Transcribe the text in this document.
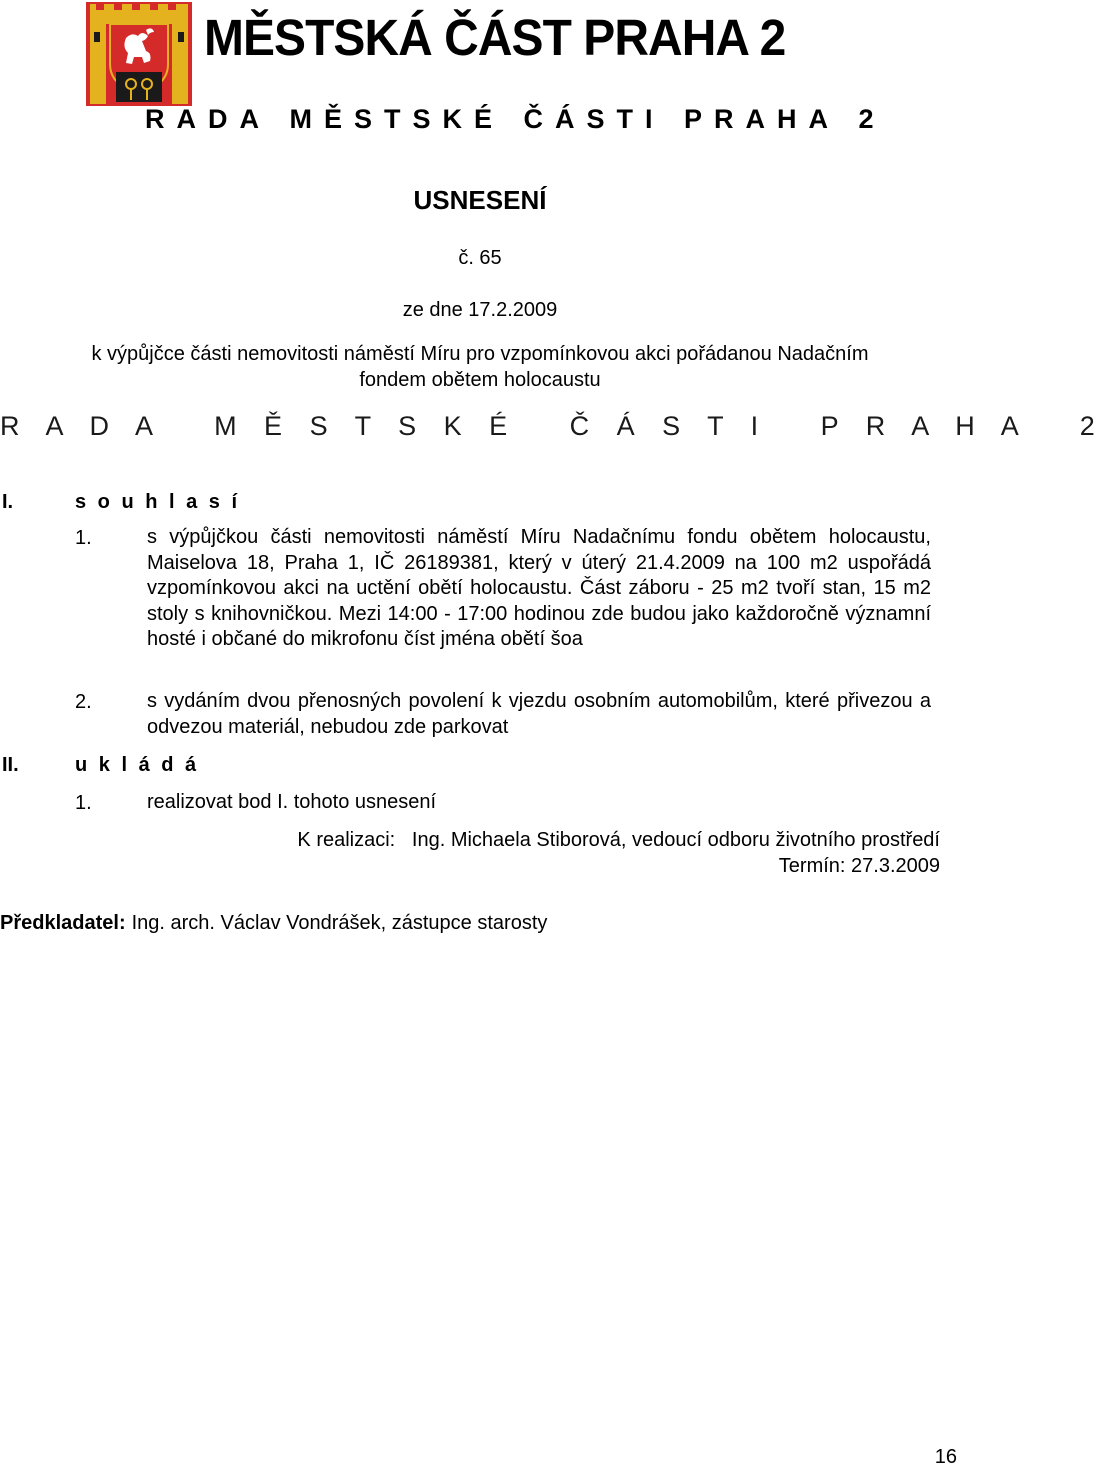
MĚSTSKÁ ČÁST PRAHA 2
RADA MĚSTSKÉ ČÁSTI PRAHA 2
USNESENÍ
č. 65
ze dne 17.2.2009
k výpůjčce části nemovitosti náměstí Míru pro vzpomínkovou akci pořádanou Nadačním
fondem obětem holocaustu
R A D A   M Ě S T S K É   Č Á S T I   P R A H A   2
I.	s o u h l a s í
1.	s výpůjčkou části nemovitosti náměstí Míru Nadačnímu fondu obětem holocaustu, Maiselova 18, Praha 1, IČ 26189381, který v úterý 21.4.2009 na 100 m2 uspořádá vzpomínkovou akci na uctění obětí holocaustu. Část záboru - 25 m2 tvoří stan, 15 m2 stoly s knihovničkou. Mezi 14:00 - 17:00 hodinou zde budou jako každoročně významní hosté i občané do mikrofonu číst jména obětí šoa
2.	s vydáním dvou přenosných povolení k vjezdu osobním automobilům, které přivezou a odvezou materiál, nebudou zde parkovat
II.	u k l á d á
1.	realizovat bod I. tohoto usnesení
K realizaci:   Ing. Michaela Stiborová, vedoucí odboru životního prostředí
Termín: 27.3.2009
Předkladatel: Ing. arch. Václav Vondrášek, zástupce starosty
16
